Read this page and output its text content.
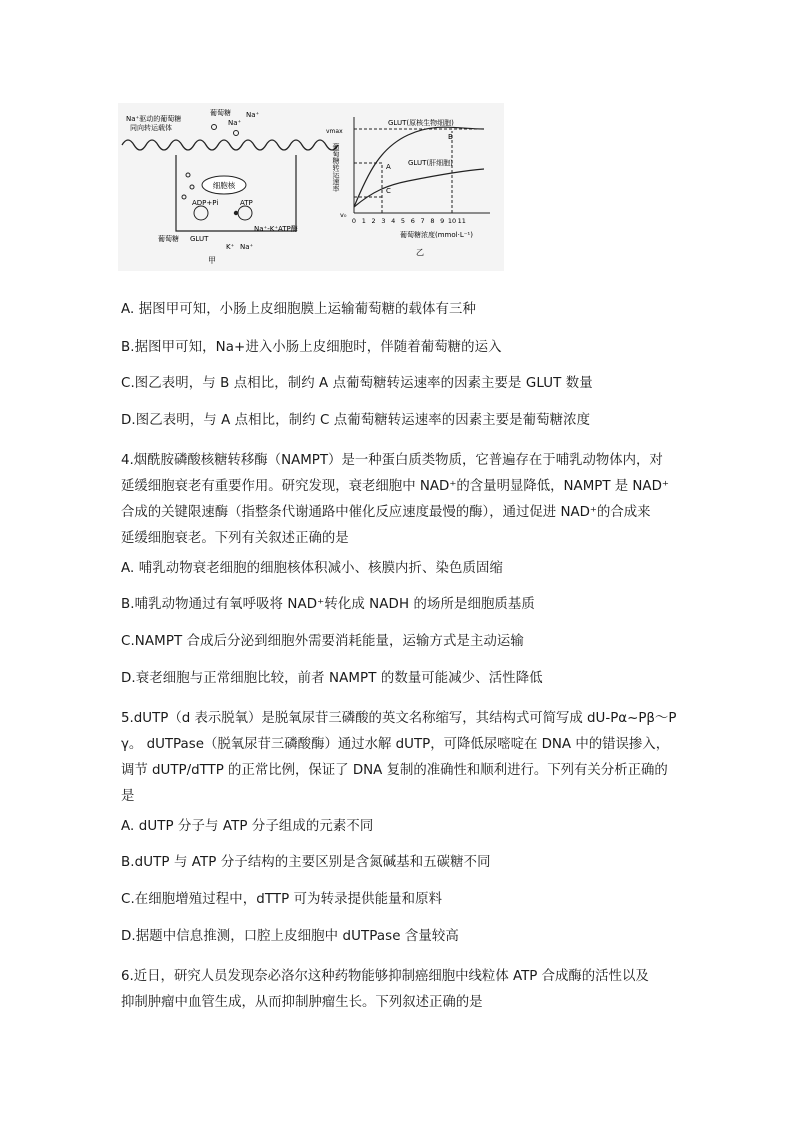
细胞核
Na⁺驱动的葡萄糖
同向转运载体
葡萄糖
Na⁺
Na⁺
ADP+Pi	ATP
葡萄糖 GLUT
Na⁺-K⁺ATP酶
K⁺ Na⁺
甲
vmax
v₀
GLUT(原核生物细胞)
GLUT(肝细胞)
A
B
C
葡萄糖转运速率
0 1 2 3 4 5 6 7 8 9 10 11
葡萄糖浓度(mmol·L⁻¹)
乙
A. 据图甲可知，小肠上皮细胞膜上运输葡萄糖的载体有三种
B.据图甲可知，Na+进入小肠上皮细胞时，伴随着葡萄糖的运入
C.图乙表明，与 B 点相比，制约 A 点葡萄糖转运速率的因素主要是 GLUT 数量
D.图乙表明，与 A 点相比，制约 C 点葡萄糖转运速率的因素主要是葡萄糖浓度
4.烟酰胺磷酸核糖转移酶（NAMPT）是一种蛋白质类物质，它普遍存在于哺乳动物体内，对
延缓细胞衰老有重要作用。研究发现，衰老细胞中 NAD⁺的含量明显降低，NAMPT 是 NAD⁺
合成的关键限速酶（指整条代谢通路中催化反应速度最慢的酶），通过促进 NAD⁺的合成来
延缓细胞衰老。下列有关叙述正确的是
A. 哺乳动物衰老细胞的细胞核体积减小、核膜内折、染色质固缩
B.哺乳动物通过有氧呼吸将 NAD⁺转化成 NADH 的场所是细胞质基质
C.NAMPT 合成后分泌到细胞外需要消耗能量，运输方式是主动运输
D.衰老细胞与正常细胞比较，前者 NAMPT 的数量可能减少、活性降低
5.dUTP（d 表示脱氧）是脱氧尿苷三磷酸的英文名称缩写，其结构式可简写成 dU-Pα~Pβ～P
γ。 dUTPase（脱氧尿苷三磷酸酶）通过水解 dUTP，可降低尿嘧啶在 DNA 中的错误掺入，
调节 dUTP/dTTP 的正常比例，保证了 DNA 复制的准确性和顺利进行。下列有关分析正确的
是
A. dUTP 分子与 ATP 分子组成的元素不同
B.dUTP 与 ATP 分子结构的主要区别是含氮碱基和五碳糖不同
C.在细胞增殖过程中，dTTP 可为转录提供能量和原料
D.据题中信息推测，口腔上皮细胞中 dUTPase 含量较高
6.近日，研究人员发现奈必洛尔这种药物能够抑制癌细胞中线粒体 ATP 合成酶的活性以及
抑制肿瘤中血管生成，从而抑制肿瘤生长。下列叙述正确的是
